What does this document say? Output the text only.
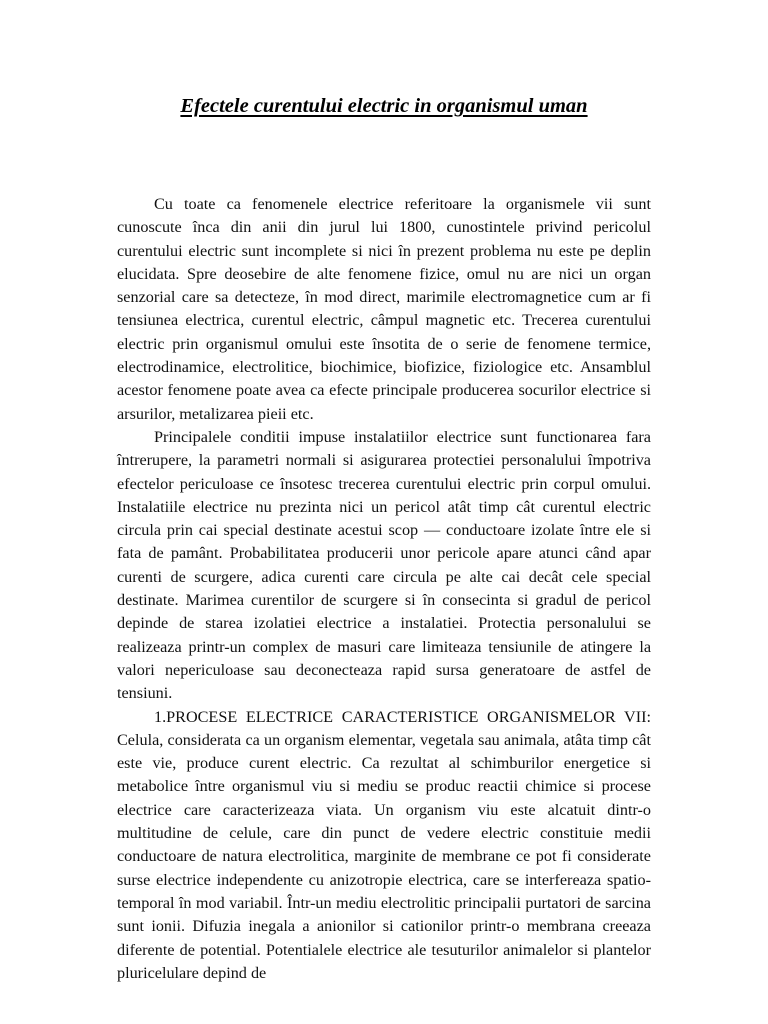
Efectele curentului electric in organismul uman

Cu toate ca fenomenele electrice referitoare la organismele vii sunt cunoscute înca din anii din jurul lui 1800, cunostintele privind pericolul curentului electric sunt incomplete si nici în prezent problema nu este pe deplin elucidata. Spre deosebire de alte fenomene fizice, omul nu are nici un organ senzorial care sa detecteze, în mod direct, marimile electromagnetice cum ar fi tensiunea electrica, curentul electric, câmpul magnetic etc. Trecerea curentului electric prin organismul omului este însotita de o serie de fenomene termice, electrodinamice, electrolitice, biochimice, biofizice, fiziologice etc. Ansamblul acestor fenomene poate avea ca efecte principale producerea socurilor electrice si arsurilor, metalizarea pieii etc.

Principalele conditii impuse instalatiilor electrice sunt functionarea fara întrerupere, la parametri normali si asigurarea protectiei personalului împotriva efectelor periculoase ce însotesc trecerea curentului electric prin corpul omului. Instalatiile electrice nu prezinta nici un pericol atât timp cât curentul electric circula prin cai special destinate acestui scop — conductoare izolate între ele si fata de pamânt. Probabilitatea producerii unor pericole apare atunci când apar curenti de scurgere, adica curenti care circula pe alte cai decât cele special destinate. Marimea curentilor de scurgere si în consecinta si gradul de pericol depinde de starea izolatiei electrice a instalatiei. Protectia personalului se realizeaza printr-un complex de masuri care limiteaza tensiunile de atingere la valori nepericuloase sau deconecteaza rapid sursa generatoare de astfel de tensiuni.

1.PROCESE ELECTRICE CARACTERISTICE ORGANISMELOR VII: Celula, considerata ca un organism elementar, vegetala sau animala, atâta timp cât este vie, produce curent electric. Ca rezultat al schimburilor energetice si metabolice între organismul viu si mediu se produc reactii chimice si procese electrice care caracterizeaza viata. Un organism viu este alcatuit dintr-o multitudine de celule, care din punct de vedere electric constituie medii conductoare de natura electrolitica, marginite de membrane ce pot fi considerate surse electrice independente cu anizotropie electrica, care se interfereaza spatio-temporal în mod variabil. Într-un mediu electrolitic principalii purtatori de sarcina sunt ionii. Difuzia inegala a anionilor si cationilor printr-o membrana creeaza diferente de potential. Potentialele electrice ale tesuturilor animalelor si plantelor pluricelulare depind de
